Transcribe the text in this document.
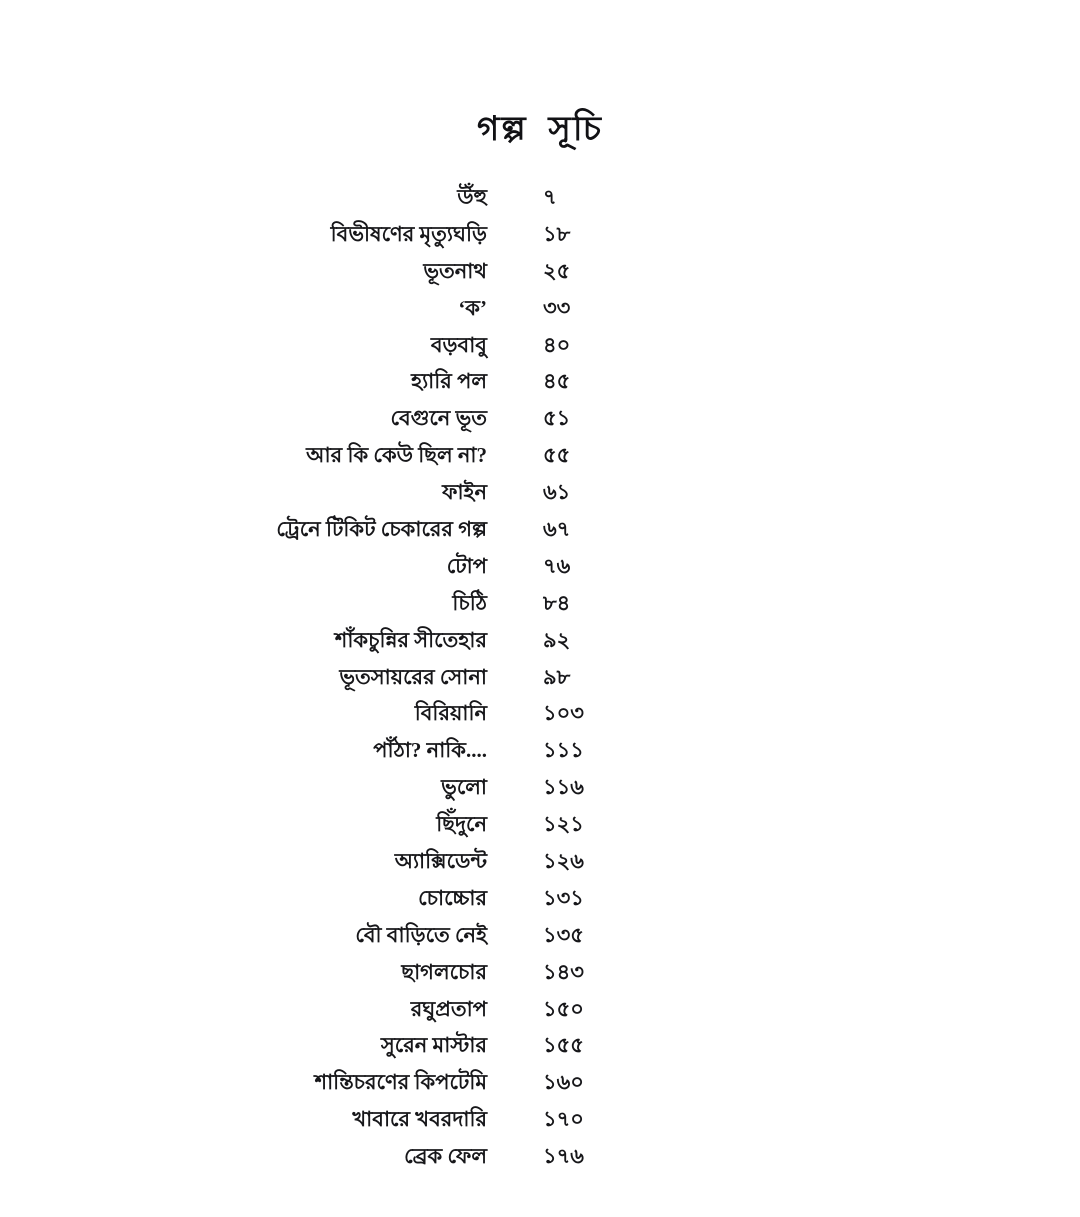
গল্প সূচি
উঁহু	৭
বিভীষণের মৃত্যুঘড়ি	১৮
ভূতনাথ	২৫
‘ক’	৩৩
বড়বাবু	৪০
হ্যারি পল	৪৫
বেগুনে ভূত	৫১
আর কি কেউ ছিল না?	৫৫
ফাইন	৬১
ট্রেনে টিকিট চেকারের গল্প	৬৭
টোপ	৭৬
চিঠি	৮৪
শাঁকচুন্নির সীতেহার	৯২
ভূতসায়রের সোনা	৯৮
বিরিয়ানি	১০৩
পাঁঠা? নাকি....	১১১
ভুলো	১১৬
ছিঁদুনে	১২১
অ্যাক্সিডেন্ট	১২৬
চোচ্চোর	১৩১
বৌ বাড়িতে নেই	১৩৫
ছাগলচোর	১৪৩
রঘুপ্রতাপ	১৫০
সুরেন মাস্টার	১৫৫
শান্তিচরণের কিপটেমি	১৬০
খাবারে খবরদারি	১৭০
ব্রেক ফেল	১৭৬
